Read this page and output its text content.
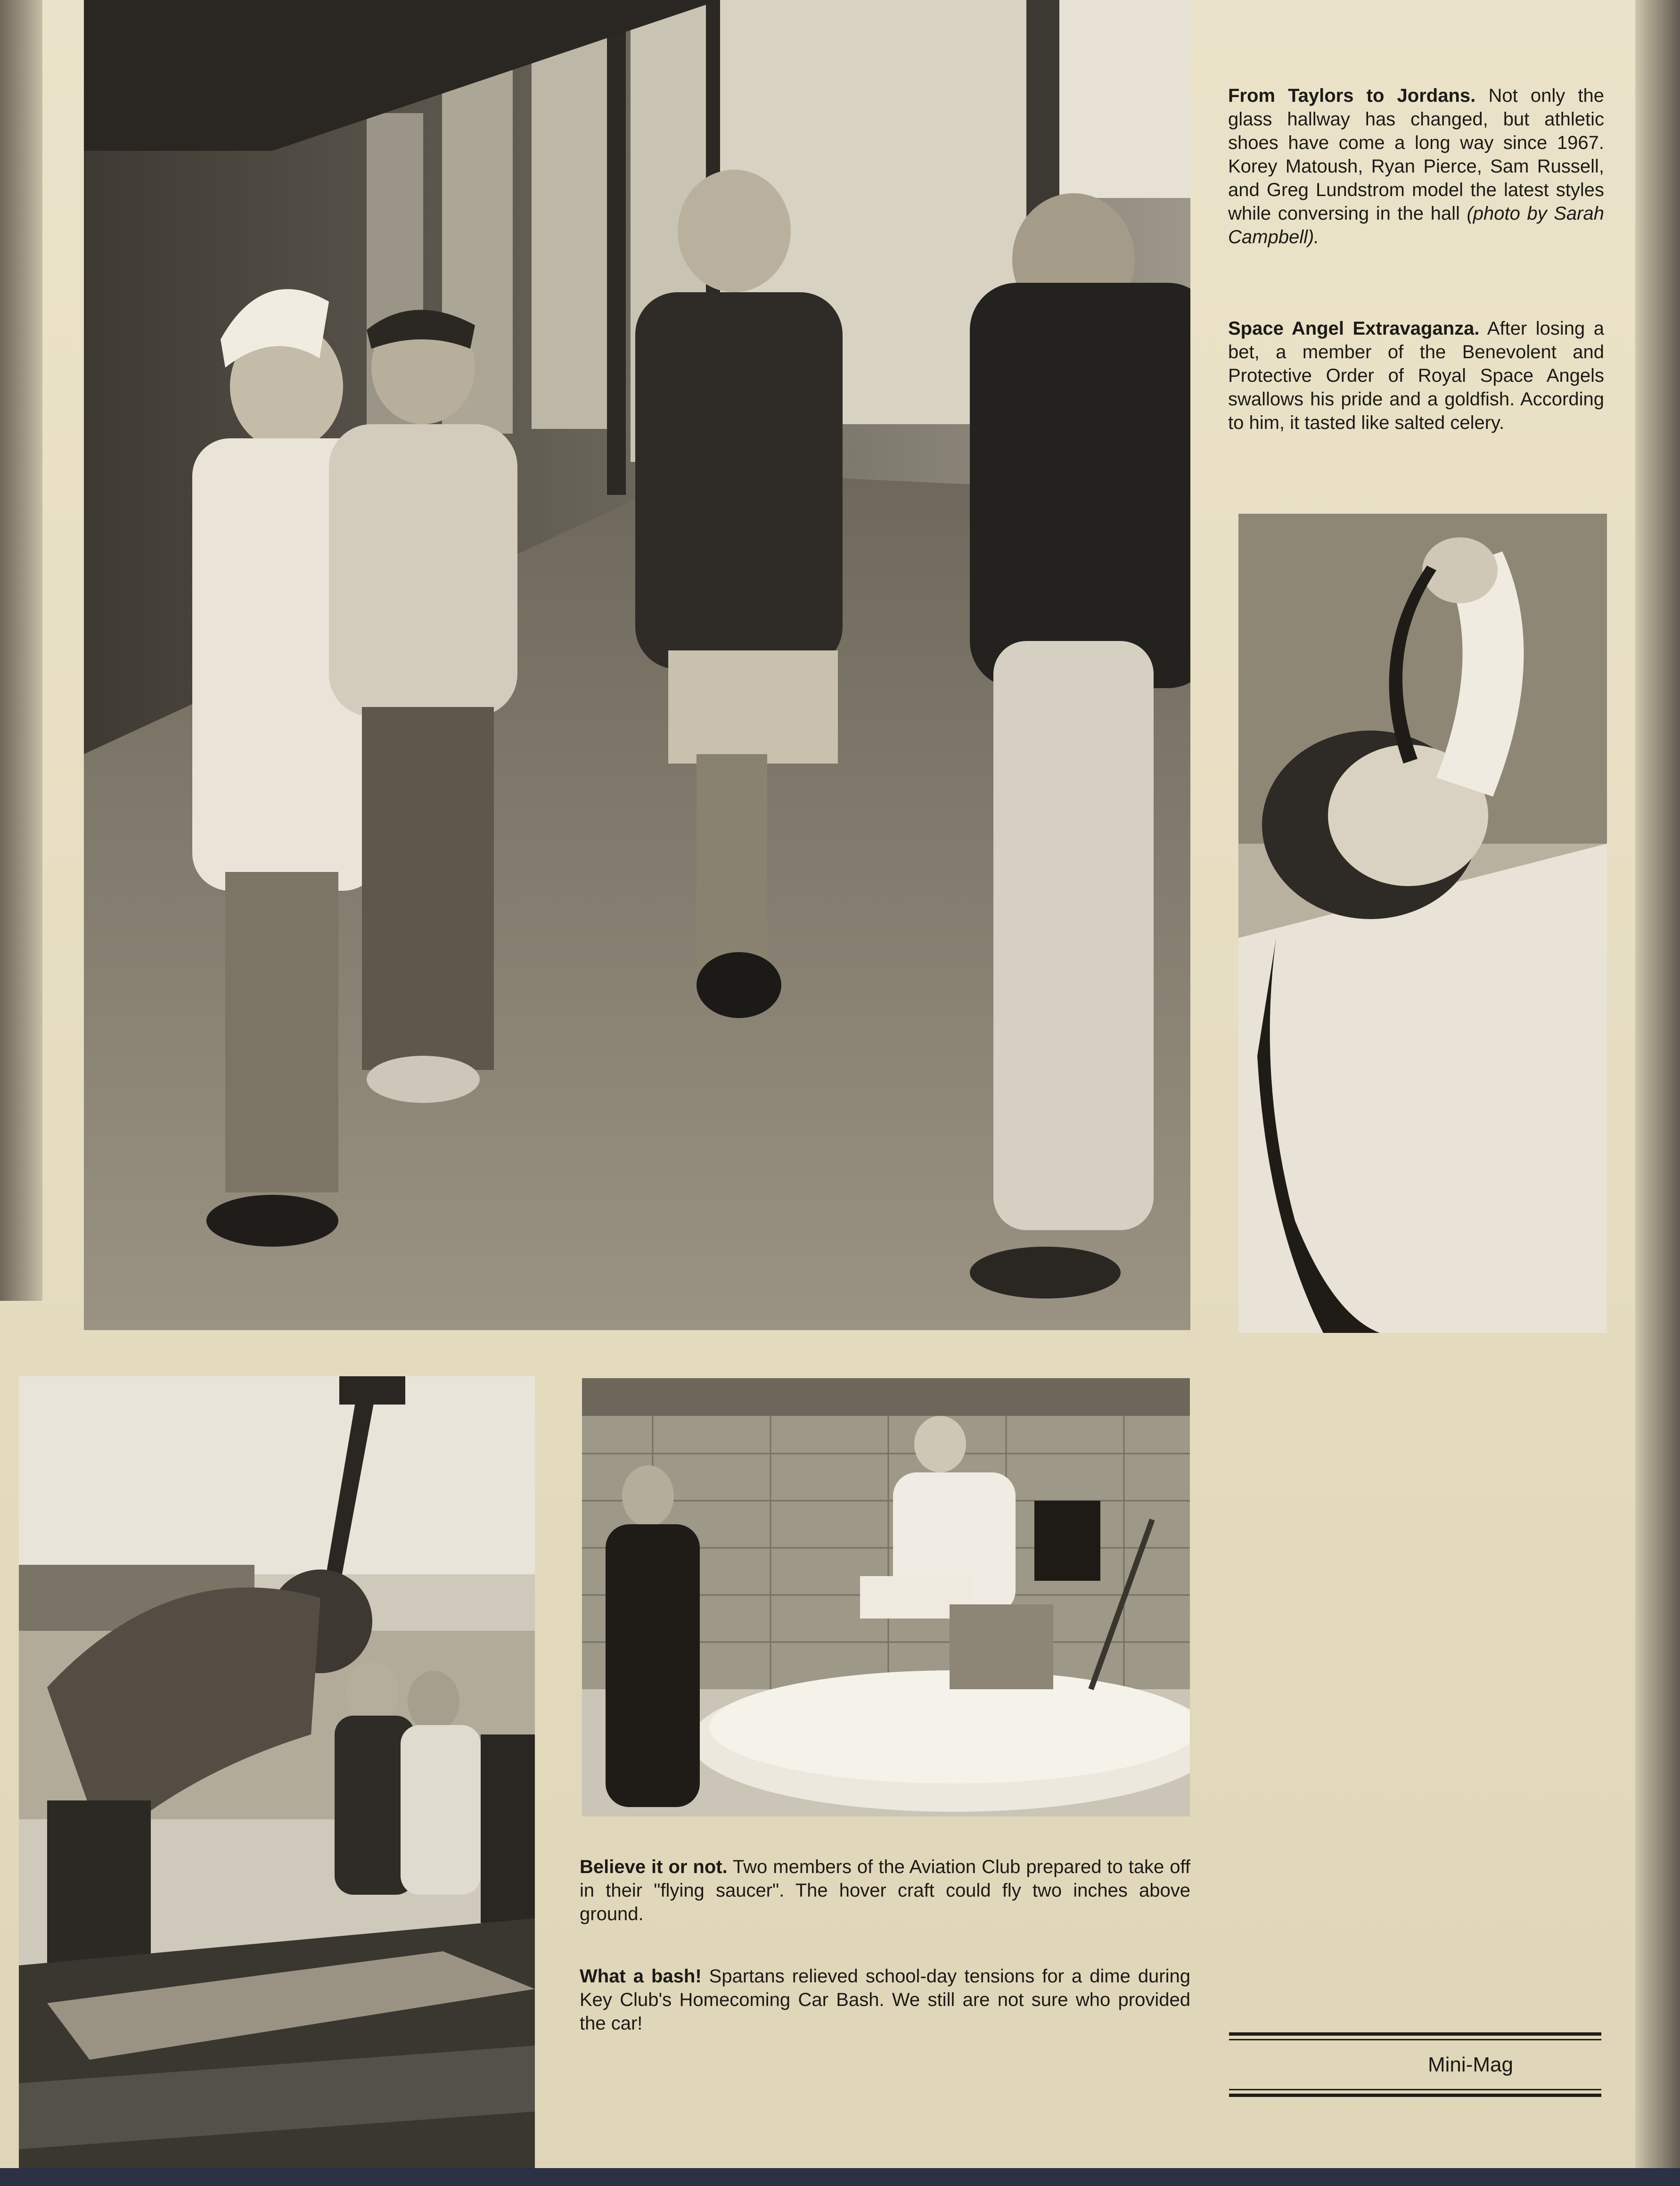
From Taylors to Jordans. Not only the glass hallway has changed, but athletic shoes have come a long way since 1967. Korey Matoush, Ryan Pierce, Sam Russell, and Greg Lundstrom model the latest styles while conversing in the hall (photo by Sarah Campbell).

Space Angel Extravaganza. After losing a bet, a member of the Benevolent and Protective Order of Royal Space Angels swallows his pride and a goldfish. According to him, it tasted like salted celery.

Believe it or not. Two members of the Aviation Club prepared to take off in their "flying saucer". The hover craft could fly two inches above ground.

What a bash! Spartans relieved school-day tensions for a dime during Key Club's Homecoming Car Bash. We still are not sure who provided the car!

Mini-Mag
